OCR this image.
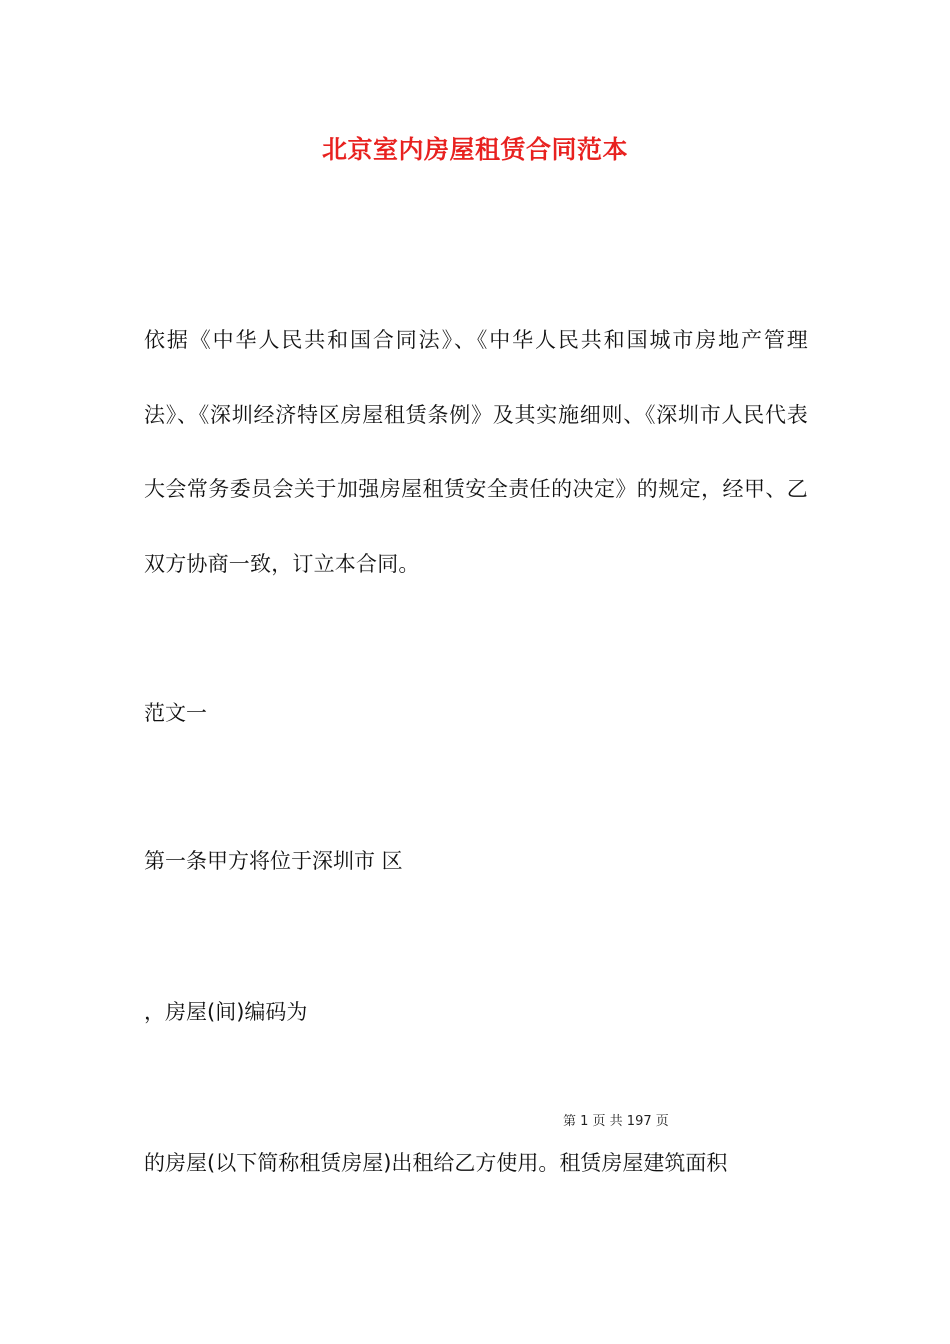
北京室内房屋租赁合同范本
依据《中华人民共和国合同法》、《中华人民共和国城市房地产管理法》、《深圳经济特区房屋租赁条例》及其实施细则、《深圳市人民代表大会常务委员会关于加强房屋租赁安全责任的决定》的规定，经甲、乙双方协商一致，订立本合同。
范文一
第一条甲方将位于深圳市 区
，房屋(间)编码为
第 1 页 共 197 页
的房屋(以下简称租赁房屋)出租给乙方使用。租赁房屋建筑面积
